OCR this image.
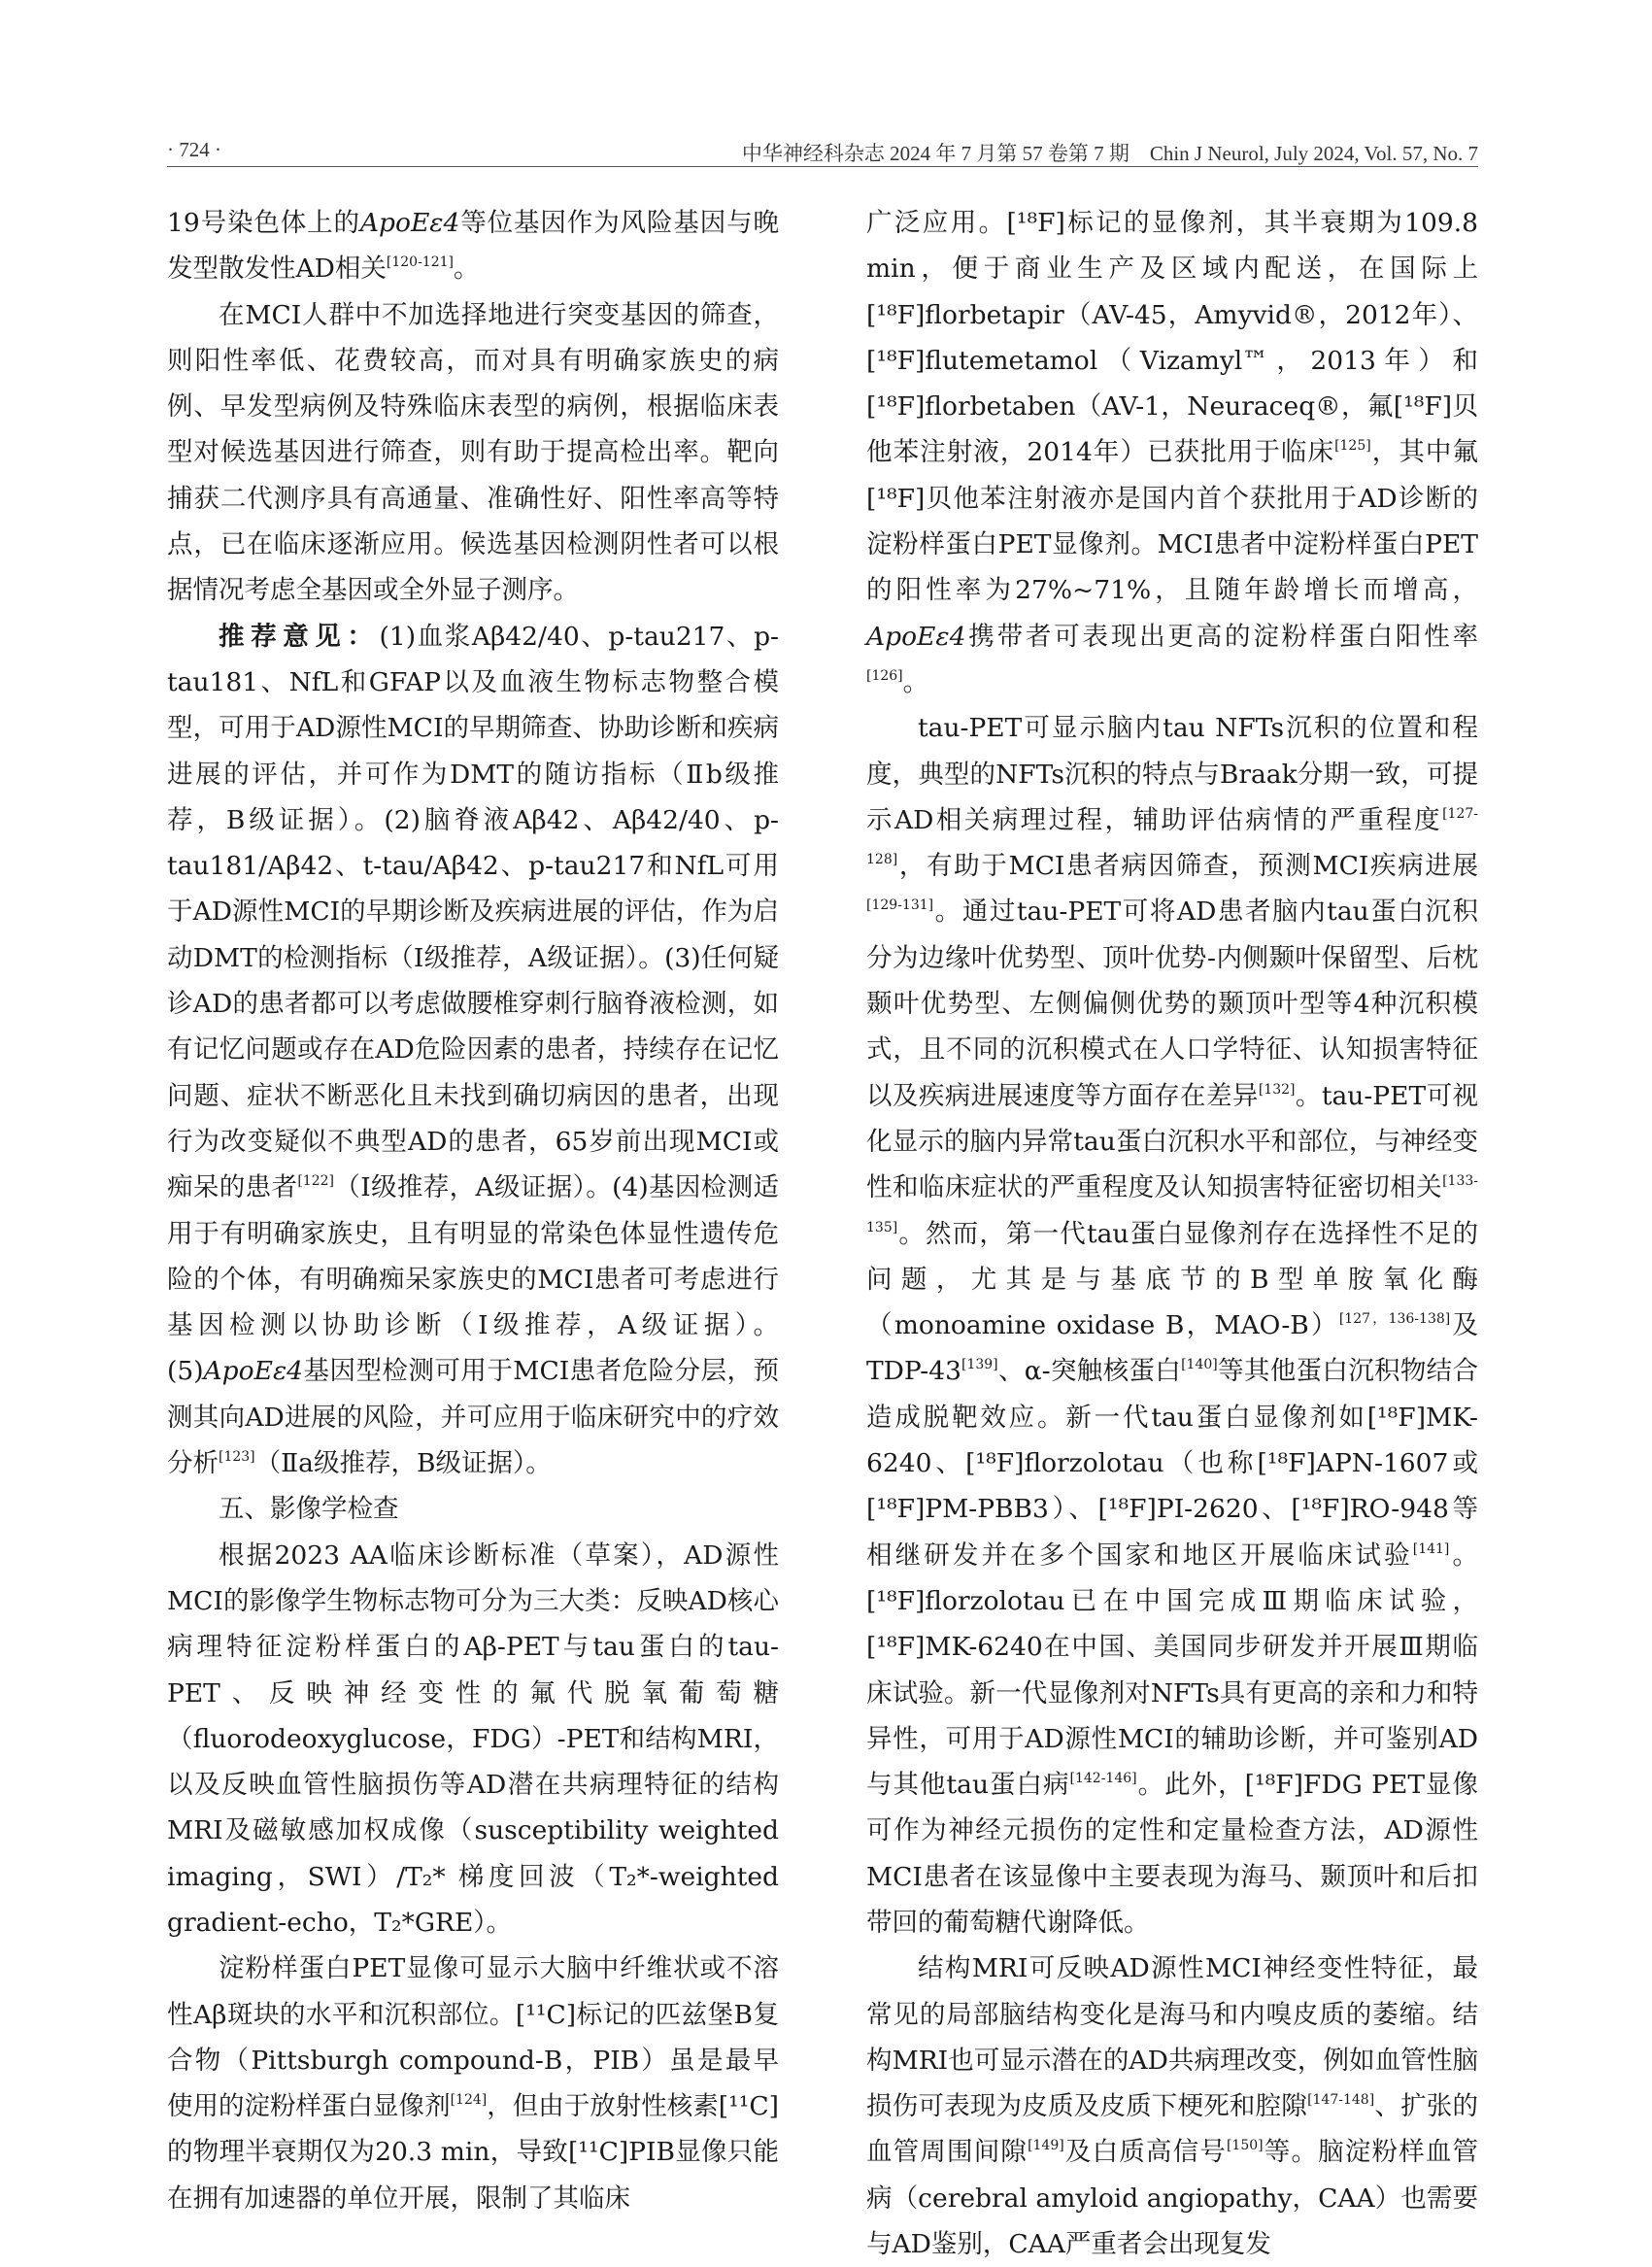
· 724 ·	中华神经科杂志 2024 年 7 月第 57 卷第 7 期　Chin J Neurol, July 2024, Vol. 57, No. 7

19号染色体上的ApoEε4等位基因作为风险基因与晚发型散发性AD相关[120-121]。

在MCI人群中不加选择地进行突变基因的筛查，则阳性率低、花费较高，而对具有明确家族史的病例、早发型病例及特殊临床表型的病例，根据临床表型对候选基因进行筛查，则有助于提高检出率。靶向捕获二代测序具有高通量、准确性好、阳性率高等特点，已在临床逐渐应用。候选基因检测阴性者可以根据情况考虑全基因或全外显子测序。

推荐意见：(1)血浆Aβ42/40、p-tau217、p-tau181、NfL和GFAP以及血液生物标志物整合模型，可用于AD源性MCI的早期筛查、协助诊断和疾病进展的评估，并可作为DMT的随访指标（Ⅱb级推荐，B级证据）。(2)脑脊液Aβ42、Aβ42/40、p-tau181/Aβ42、t-tau/Aβ42、p-tau217和NfL可用于AD源性MCI的早期诊断及疾病进展的评估，作为启动DMT的检测指标（Ⅰ级推荐，A级证据）。(3)任何疑诊AD的患者都可以考虑做腰椎穿刺行脑脊液检测，如有记忆问题或存在AD危险因素的患者，持续存在记忆问题、症状不断恶化且未找到确切病因的患者，出现行为改变疑似不典型AD的患者，65岁前出现MCI或痴呆的患者[122]（Ⅰ级推荐，A级证据）。(4)基因检测适用于有明确家族史，且有明显的常染色体显性遗传危险的个体，有明确痴呆家族史的MCI患者可考虑进行基因检测以协助诊断（Ⅰ级推荐，A级证据）。(5)ApoEε4基因型检测可用于MCI患者危险分层，预测其向AD进展的风险，并可应用于临床研究中的疗效分析[123]（Ⅱa级推荐，B级证据）。

五、影像学检查

根据2023 AA临床诊断标准（草案），AD源性MCI的影像学生物标志物可分为三大类：反映AD核心病理特征淀粉样蛋白的Aβ-PET与tau蛋白的tau-PET、反映神经变性的氟代脱氧葡萄糖（fluorodeoxyglucose，FDG）-PET和结构MRI，以及反映血管性脑损伤等AD潜在共病理特征的结构MRI及磁敏感加权成像（susceptibility weighted imaging，SWI）/T₂* 梯度回波（T₂*-weighted gradient-echo，T₂*GRE）。

淀粉样蛋白PET显像可显示大脑中纤维状或不溶性Aβ斑块的水平和沉积部位。[¹¹C]标记的匹兹堡B复合物（Pittsburgh compound-B，PIB）虽是最早使用的淀粉样蛋白显像剂[124]，但由于放射性核素[¹¹C]的物理半衰期仅为20.3 min，导致[¹¹C]PIB显像只能在拥有加速器的单位开展，限制了其临床

广泛应用。[¹⁸F]标记的显像剂，其半衰期为109.8 min，便于商业生产及区域内配送，在国际上[¹⁸F]florbetapir（AV-45，Amyvid®，2012年）、[¹⁸F]flutemetamol（Vizamyl™，2013年）和[¹⁸F]florbetaben（AV-1，Neuraceq®，氟[¹⁸F]贝他苯注射液，2014年）已获批用于临床[125]，其中氟[¹⁸F]贝他苯注射液亦是国内首个获批用于AD诊断的淀粉样蛋白PET显像剂。MCI患者中淀粉样蛋白PET的阳性率为27%~71%，且随年龄增长而增高，ApoEε4携带者可表现出更高的淀粉样蛋白阳性率[126]。

tau-PET可显示脑内tau NFTs沉积的位置和程度，典型的NFTs沉积的特点与Braak分期一致，可提示AD相关病理过程，辅助评估病情的严重程度[127-128]，有助于MCI患者病因筛查，预测MCI疾病进展[129-131]。通过tau-PET可将AD患者脑内tau蛋白沉积分为边缘叶优势型、顶叶优势-内侧颞叶保留型、后枕颞叶优势型、左侧偏侧优势的颞顶叶型等4种沉积模式，且不同的沉积模式在人口学特征、认知损害特征以及疾病进展速度等方面存在差异[132]。tau-PET可视化显示的脑内异常tau蛋白沉积水平和部位，与神经变性和临床症状的严重程度及认知损害特征密切相关[133-135]。然而，第一代tau蛋白显像剂存在选择性不足的问题，尤其是与基底节的B型单胺氧化酶（monoamine oxidase B，MAO-B）[127，136-138]及TDP-43[139]、α-突触核蛋白[140]等其他蛋白沉积物结合造成脱靶效应。新一代tau蛋白显像剂如[¹⁸F]MK-6240、[¹⁸F]florzolotau（也称[¹⁸F]APN-1607或[¹⁸F]PM-PBB3）、[¹⁸F]PI-2620、[¹⁸F]RO-948等相继研发并在多个国家和地区开展临床试验[141]。[¹⁸F]florzolotau已在中国完成Ⅲ期临床试验，[¹⁸F]MK-6240在中国、美国同步研发并开展Ⅲ期临床试验。新一代显像剂对NFTs具有更高的亲和力和特异性，可用于AD源性MCI的辅助诊断，并可鉴别AD与其他tau蛋白病[142-146]。此外，[¹⁸F]FDG PET显像可作为神经元损伤的定性和定量检查方法，AD源性MCI患者在该显像中主要表现为海马、颞顶叶和后扣带回的葡萄糖代谢降低。

结构MRI可反映AD源性MCI神经变性特征，最常见的局部脑结构变化是海马和内嗅皮质的萎缩。结构MRI也可显示潜在的AD共病理改变，例如血管性脑损伤可表现为皮质及皮质下梗死和腔隙[147-148]、扩张的血管周围间隙[149]及白质高信号[150]等。脑淀粉样血管病（cerebral amyloid angiopathy，CAA）也需要与AD鉴别，CAA严重者会出现复发
